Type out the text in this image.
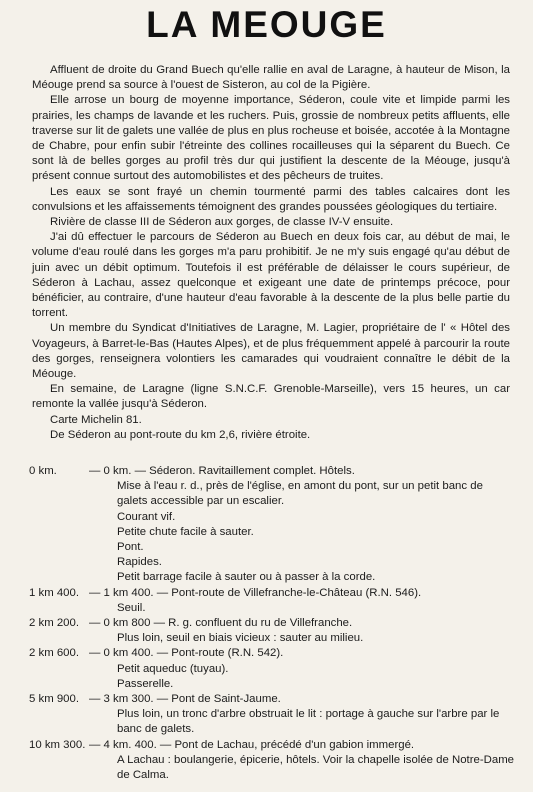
LA MEOUGE

Affluent de droite du Grand Buech qu'elle rallie en aval de Laragne, à hauteur de Mison, la Méouge prend sa source à l'ouest de Sisteron, au col de la Pigière.

Elle arrose un bourg de moyenne importance, Séderon, coule vite et limpide parmi les prairies, les champs de lavande et les ruchers. Puis, grossie de nombreux petits affluents, elle traverse sur lit de galets une vallée de plus en plus rocheuse et boisée, accotée à la Montagne de Chabre, pour enfin subir l'étreinte des collines rocailleuses qui la séparent du Buech. Ce sont là de belles gorges au profil très dur qui justifient la descente de la Méouge, jusqu'à présent connue surtout des automobilistes et des pêcheurs de truites.

Les eaux se sont frayé un chemin tourmenté parmi des tables calcaires dont les convulsions et les affaissements témoignent des grandes poussées géologiques du tertiaire.

Rivière de classe III de Séderon aux gorges, de classe IV-V ensuite.

J'ai dû effectuer le parcours de Séderon au Buech en deux fois car, au début de mai, le volume d'eau roulé dans les gorges m'a paru prohibitif. Je ne m'y suis engagé qu'au début de juin avec un débit optimum. Toutefois il est préférable de délaisser le cours supérieur, de Séderon à Lachau, assez quelconque et exigeant une date de printemps précoce, pour bénéficier, au contraire, d'une hauteur d'eau favorable à la descente de la plus belle partie du torrent.

Un membre du Syndicat d'Initiatives de Laragne, M. Lagier, propriétaire de l' « Hôtel des Voyageurs, à Barret-le-Bas (Hautes Alpes), et de plus fréquemment appelé à parcourir la route des gorges, renseignera volontiers les camarades qui voudraient connaître le débit de la Méouge.

En semaine, de Laragne (ligne S.N.C.F. Grenoble-Marseille), vers 15 heures, un car remonte la vallée jusqu'à Séderon.

Carte Michelin 81.

De Séderon au pont-route du km 2,6, rivière étroite.

0 km.	— 0 km. — Séderon. Ravitaillement complet. Hôtels.
Mise à l'eau r. d., près de l'église, en amont du pont, sur un petit banc de galets accessible par un escalier.
Courant vif.
Petite chute facile à sauter.
Pont.
Rapides.
Petit barrage facile à sauter ou à passer à la corde.
1 km 400. — 1 km 400. — Pont-route de Villefranche-le-Château (R.N. 546).
Seuil.
2 km 200. — 0 km 800 — R. g. confluent du ru de Villefranche.
Plus loin, seuil en biais vicieux : sauter au milieu.
2 km 600. — 0 km 400. — Pont-route (R.N. 542).
Petit aqueduc (tuyau).
Passerelle.
5 km 900. — 3 km 300. — Pont de Saint-Jaume.
Plus loin, un tronc d'arbre obstruait le lit : portage à gauche sur l'arbre par le banc de galets.
10 km 300. — 4 km. 400. — Pont de Lachau, précédé d'un gabion immergé.
A Lachau : boulangerie, épicerie, hôtels. Voir la chapelle isolée de Notre-Dame de Calma.
